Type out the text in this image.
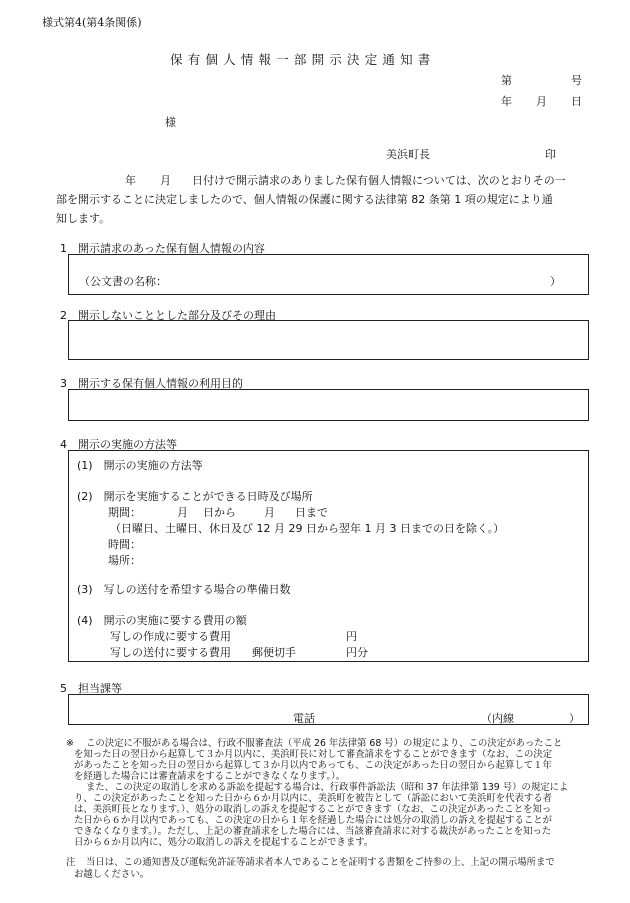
様式第4(第4条関係)
保有個人情報一部開示決定通知書
第	号
年 月 日
様
美浜町長	印
年 月 日付けで開示請求のありました保有個人情報については、次のとおりその一
部を開示することに決定しましたので、個人情報の保護に関する法律第 82 条第 1 項の規定により通
知します。
1　開示請求のあった保有個人情報の内容
（公文書の名称：	）
2　開示しないこととした部分及びその理由
3　開示する保有個人情報の利用目的
4　開示の実施の方法等
(1)　開示の実施の方法等
(2)　開示を実施することができる日時及び場所
期間：	月 日から	月 日まで
（日曜日、土曜日、休日及び 12 月 29 日から翌年 1 月 3 日までの日を除く。）
時間：
場所：
(3)　写しの送付を希望する場合の準備日数
(4)　開示の実施に要する費用の額
写しの作成に要する費用	円
写しの送付に要する費用 郵便切手	円分
5　担当課等
電話	（内線	）
※ この決定に不服がある場合は、行政不服審査法（平成 26 年法律第 68 号）の規定により、この決定があったこと
を知った日の翌日から起算して３か月以内に、美浜町長に対して審査請求をすることができます（なお、この決定
があったことを知った日の翌日から起算して３か月以内であっても、この決定があった日の翌日から起算して１年
を経過した場合には審査請求をすることができなくなります。）。
また、この決定の取消しを求める訴訟を提起する場合は、行政事件訴訟法（昭和 37 年法律第 139 号）の規定によ
り、この決定があったことを知った日から６か月以内に、美浜町を被告として（訴訟において美浜町を代表する者
は、美浜町長となります。）、処分の取消しの訴えを提起することができます（なお、この決定があったことを知っ
た日から６か月以内であっても、この決定の日から１年を経過した場合には処分の取消しの訴えを提起することが
できなくなります。）。ただし、上記の審査請求をした場合には、当該審査請求に対する裁決があったことを知った
日から６か月以内に、処分の取消しの訴えを提起することができます。
注 当日は、この通知書及び運転免許証等請求者本人であることを証明する書類をご持参の上、上記の開示場所まで
お越しください。
